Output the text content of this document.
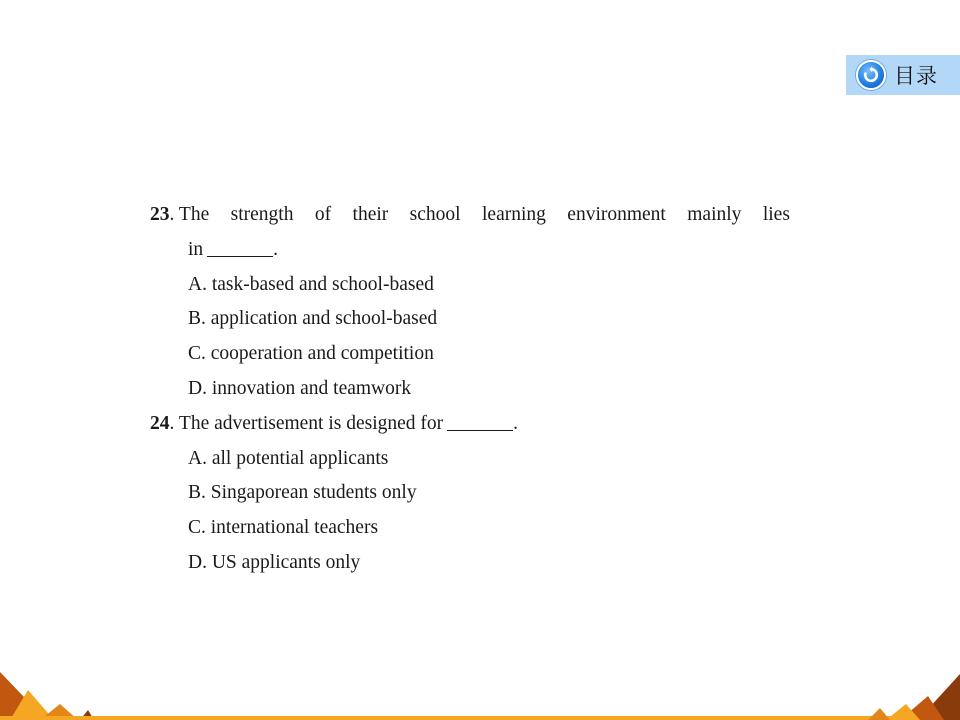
目录
23. The strength of their school learning environment mainly lies
in	.
A. task-based and school-based
B. application and school-based
C. cooperation and competition
D. innovation and teamwork
24. The advertisement is designed for	.
A. all potential applicants
B. Singaporean students only
C. international teachers
D. US applicants only
